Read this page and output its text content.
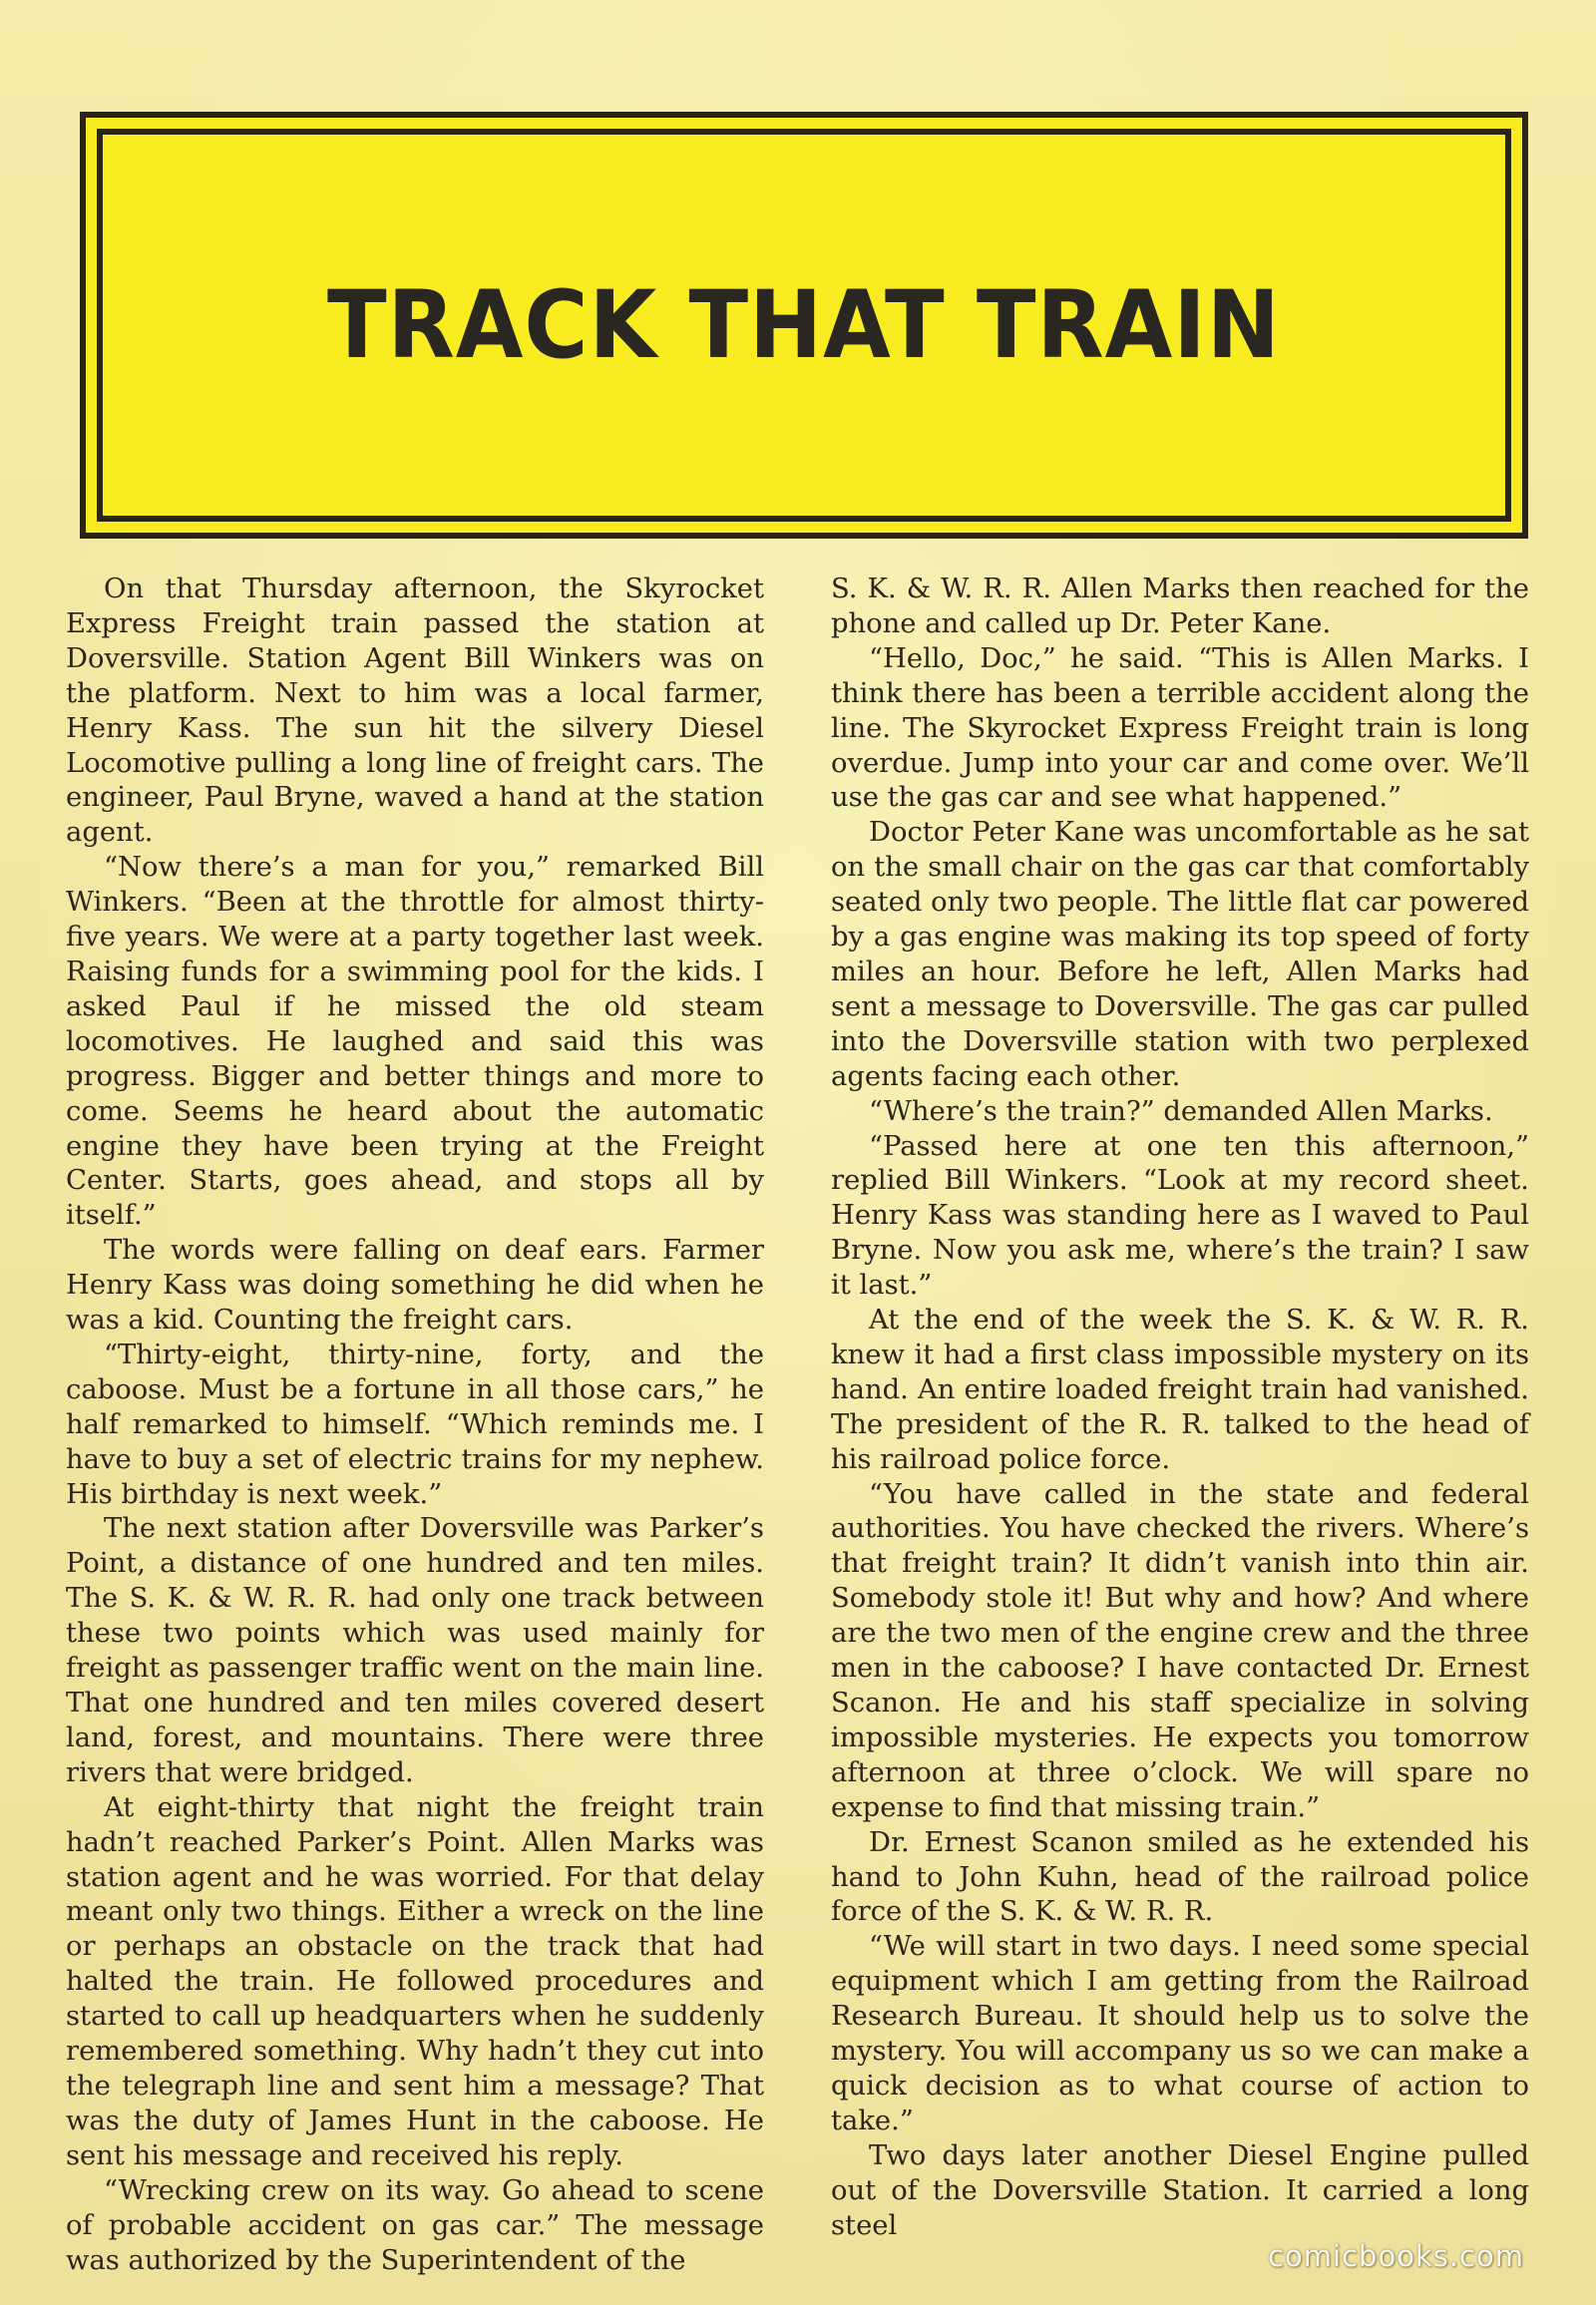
TRACK THAT TRAIN

On that Thursday afternoon, the Skyrocket Express Freight train passed the station at Doversville. Station Agent Bill Winkers was on the platform. Next to him was a local farmer, Henry Kass. The sun hit the silvery Diesel Locomotive pulling a long line of freight cars. The engineer, Paul Bryne, waved a hand at the station agent.

“Now there’s a man for you,” remarked Bill Winkers. “Been at the throttle for almost thirty-five years. We were at a party together last week. Raising funds for a swimming pool for the kids. I asked Paul if he missed the old steam locomotives. He laughed and said this was progress. Bigger and better things and more to come. Seems he heard about the automatic engine they have been trying at the Freight Center. Starts, goes ahead, and stops all by itself.”

The words were falling on deaf ears. Farmer Henry Kass was doing something he did when he was a kid. Counting the freight cars.

“Thirty-eight, thirty-nine, forty, and the caboose. Must be a fortune in all those cars,” he half remarked to himself. “Which reminds me. I have to buy a set of electric trains for my nephew. His birthday is next week.”

The next station after Doversville was Parker’s Point, a distance of one hundred and ten miles. The S. K. & W. R. R. had only one track between these two points which was used mainly for freight as passenger traffic went on the main line. That one hundred and ten miles covered desert land, forest, and mountains. There were three rivers that were bridged.

At eight-thirty that night the freight train hadn’t reached Parker’s Point. Allen Marks was station agent and he was worried. For that delay meant only two things. Either a wreck on the line or perhaps an obstacle on the track that had halted the train. He followed procedures and started to call up headquarters when he suddenly remembered something. Why hadn’t they cut into the telegraph line and sent him a message? That was the duty of James Hunt in the caboose. He sent his message and received his reply.

“Wrecking crew on its way. Go ahead to scene of probable accident on gas car.” The message was authorized by the Superintendent of the

S. K. & W. R. R. Allen Marks then reached for the phone and called up Dr. Peter Kane.

“Hello, Doc,” he said. “This is Allen Marks. I think there has been a terrible accident along the line. The Skyrocket Express Freight train is long overdue. Jump into your car and come over. We’ll use the gas car and see what happened.”

Doctor Peter Kane was uncomfortable as he sat on the small chair on the gas car that comfortably seated only two people. The little flat car powered by a gas engine was making its top speed of forty miles an hour. Before he left, Allen Marks had sent a message to Doversville. The gas car pulled into the Doversville station with two perplexed agents facing each other.

“Where’s the train?” demanded Allen Marks.

“Passed here at one ten this afternoon,” replied Bill Winkers. “Look at my record sheet. Henry Kass was standing here as I waved to Paul Bryne. Now you ask me, where’s the train? I saw it last.”

At the end of the week the S. K. & W. R. R. knew it had a first class impossible mystery on its hand. An entire loaded freight train had vanished. The president of the R. R. talked to the head of his railroad police force.

“You have called in the state and federal authorities. You have checked the rivers. Where’s that freight train? It didn’t vanish into thin air. Somebody stole it! But why and how? And where are the two men of the engine crew and the three men in the caboose? I have contacted Dr. Ernest Scanon. He and his staff specialize in solving impossible mysteries. He expects you tomorrow afternoon at three o’clock. We will spare no expense to find that missing train.”

Dr. Ernest Scanon smiled as he extended his hand to John Kuhn, head of the railroad police force of the S. K. & W. R. R.

“We will start in two days. I need some special equipment which I am getting from the Railroad Research Bureau. It should help us to solve the mystery. You will accompany us so we can make a quick decision as to what course of action to take.”

Two days later another Diesel Engine pulled out of the Doversville Station. It carried a long steel

comicbooks.com
